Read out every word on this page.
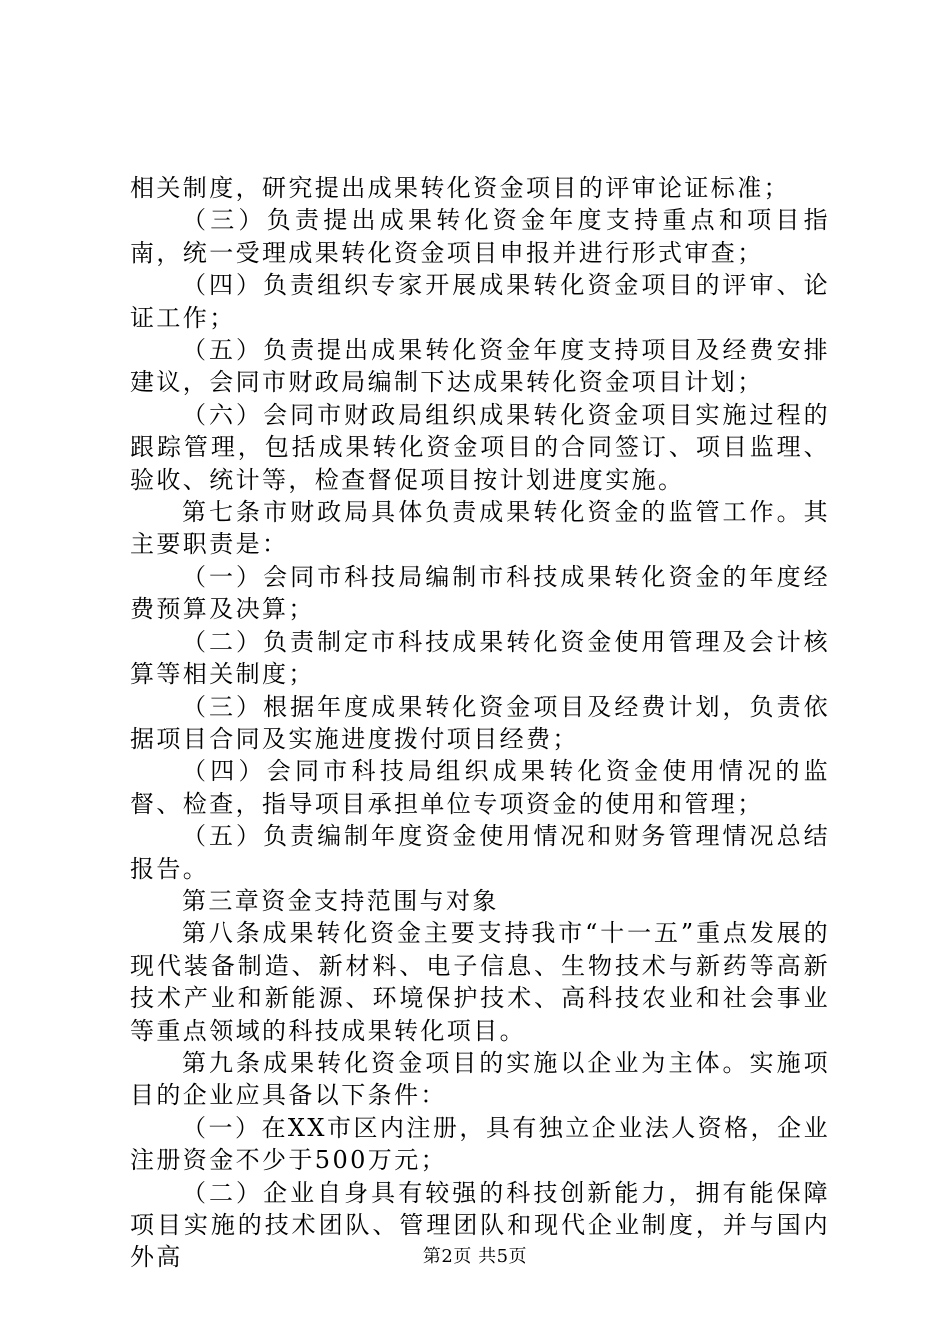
相关制度，研究提出成果转化资金项目的评审论证标准；

（三）负责提出成果转化资金年度支持重点和项目指南，统一受理成果转化资金项目申报并进行形式审查；

（四）负责组织专家开展成果转化资金项目的评审、论证工作；

（五）负责提出成果转化资金年度支持项目及经费安排建议，会同市财政局编制下达成果转化资金项目计划；

（六）会同市财政局组织成果转化资金项目实施过程的跟踪管理，包括成果转化资金项目的合同签订、项目监理、验收、统计等，检查督促项目按计划进度实施。

第七条市财政局具体负责成果转化资金的监管工作。其主要职责是：

（一）会同市科技局编制市科技成果转化资金的年度经费预算及决算；

（二）负责制定市科技成果转化资金使用管理及会计核算等相关制度；

（三）根据年度成果转化资金项目及经费计划，负责依据项目合同及实施进度拨付项目经费；

（四）会同市科技局组织成果转化资金使用情况的监督、检查，指导项目承担单位专项资金的使用和管理；

（五）负责编制年度资金使用情况和财务管理情况总结报告。

第三章资金支持范围与对象

第八条成果转化资金主要支持我市“十一五”重点发展的现代装备制造、新材料、电子信息、生物技术与新药等高新技术产业和新能源、环境保护技术、高科技农业和社会事业等重点领域的科技成果转化项目。

第九条成果转化资金项目的实施以企业为主体。实施项目的企业应具备以下条件：

（一）在XX市区内注册，具有独立企业法人资格，企业注册资金不少于500万元；

（二）企业自身具有较强的科技创新能力，拥有能保障项目实施的技术团队、管理团队和现代企业制度，并与国内外高	第2页 共5页
